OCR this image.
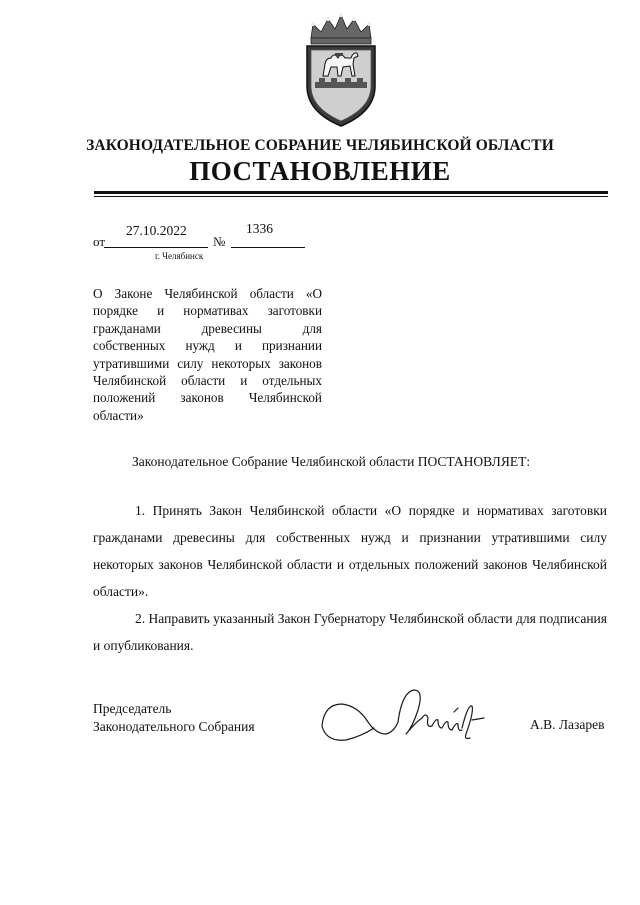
ЗАКОНОДАТЕЛЬНОЕ СОБРАНИЕ ЧЕЛЯБИНСКОЙ ОБЛАСТИ
ПОСТАНОВЛЕНИЕ
от
27.10.2022
№
1336
г. Челябинск

О Законе Челябинской области «О порядке и нормативах заготовки гражданами древесины для собственных нужд и признании утратившими силу некоторых законов Челябинской области и отдельных положений законов Челябинской области»

Законодательное Собрание Челябинской области ПОСТАНОВЛЯЕТ:

1. Принять Закон Челябинской области «О порядке и нормативах заготовки гражданами древесины для собственных нужд и признании утратившими силу некоторых законов Челябинской области и отдельных положений законов Челябинской области».

2. Направить указанный Закон Губернатору Челябинской области для подписания и опубликования.

Председатель
Законодательного Собрания	А.В. Лазарев
